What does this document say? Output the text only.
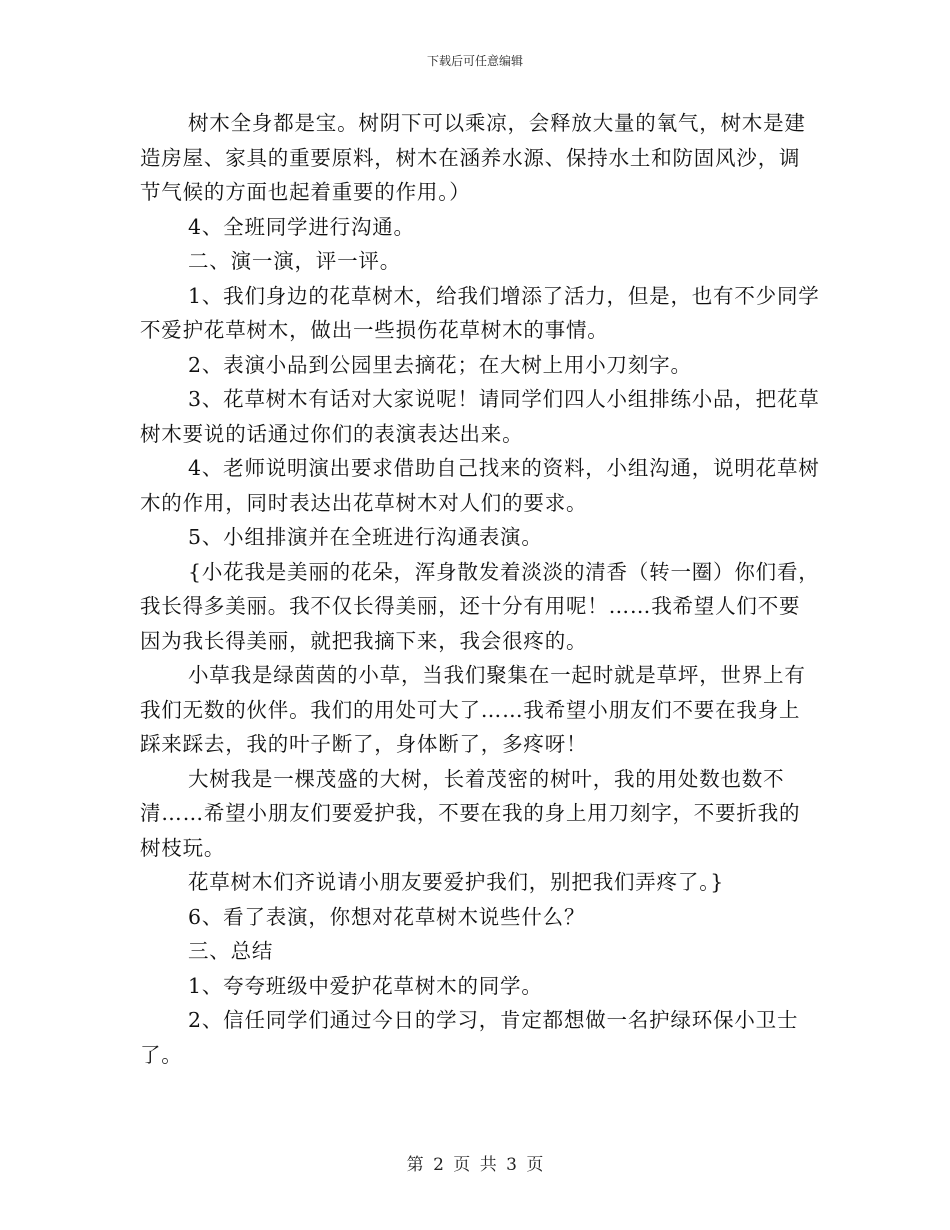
下载后可任意编辑

树木全身都是宝。树阴下可以乘凉，会释放大量的氧气，树木是建造房屋、家具的重要原料，树木在涵养水源、保持水土和防固风沙，调节气候的方面也起着重要的作用。）

4、全班同学进行沟通。

二、演一演，评一评。

1、我们身边的花草树木，给我们增添了活力，但是，也有不少同学不爱护花草树木，做出一些损伤花草树木的事情。

2、表演小品到公园里去摘花；在大树上用小刀刻字。

3、花草树木有话对大家说呢！请同学们四人小组排练小品，把花草树木要说的话通过你们的表演表达出来。

4、老师说明演出要求借助自己找来的资料，小组沟通，说明花草树木的作用，同时表达出花草树木对人们的要求。

5、小组排演并在全班进行沟通表演。

{小花我是美丽的花朵，浑身散发着淡淡的清香（转一圈）你们看，我长得多美丽。我不仅长得美丽，还十分有用呢！……我希望人们不要因为我长得美丽，就把我摘下来，我会很疼的。

小草我是绿茵茵的小草，当我们聚集在一起时就是草坪，世界上有我们无数的伙伴。我们的用处可大了……我希望小朋友们不要在我身上踩来踩去，我的叶子断了，身体断了，多疼呀！

大树我是一棵茂盛的大树，长着茂密的树叶，我的用处数也数不清……希望小朋友们要爱护我，不要在我的身上用刀刻字，不要折我的树枝玩。

花草树木们齐说请小朋友要爱护我们，别把我们弄疼了。}

6、看了表演，你想对花草树木说些什么？

三、总结

1、夸夸班级中爱护花草树木的同学。

2、信任同学们通过今日的学习，肯定都想做一名护绿环保小卫士了。

第 2 页 共 3 页
